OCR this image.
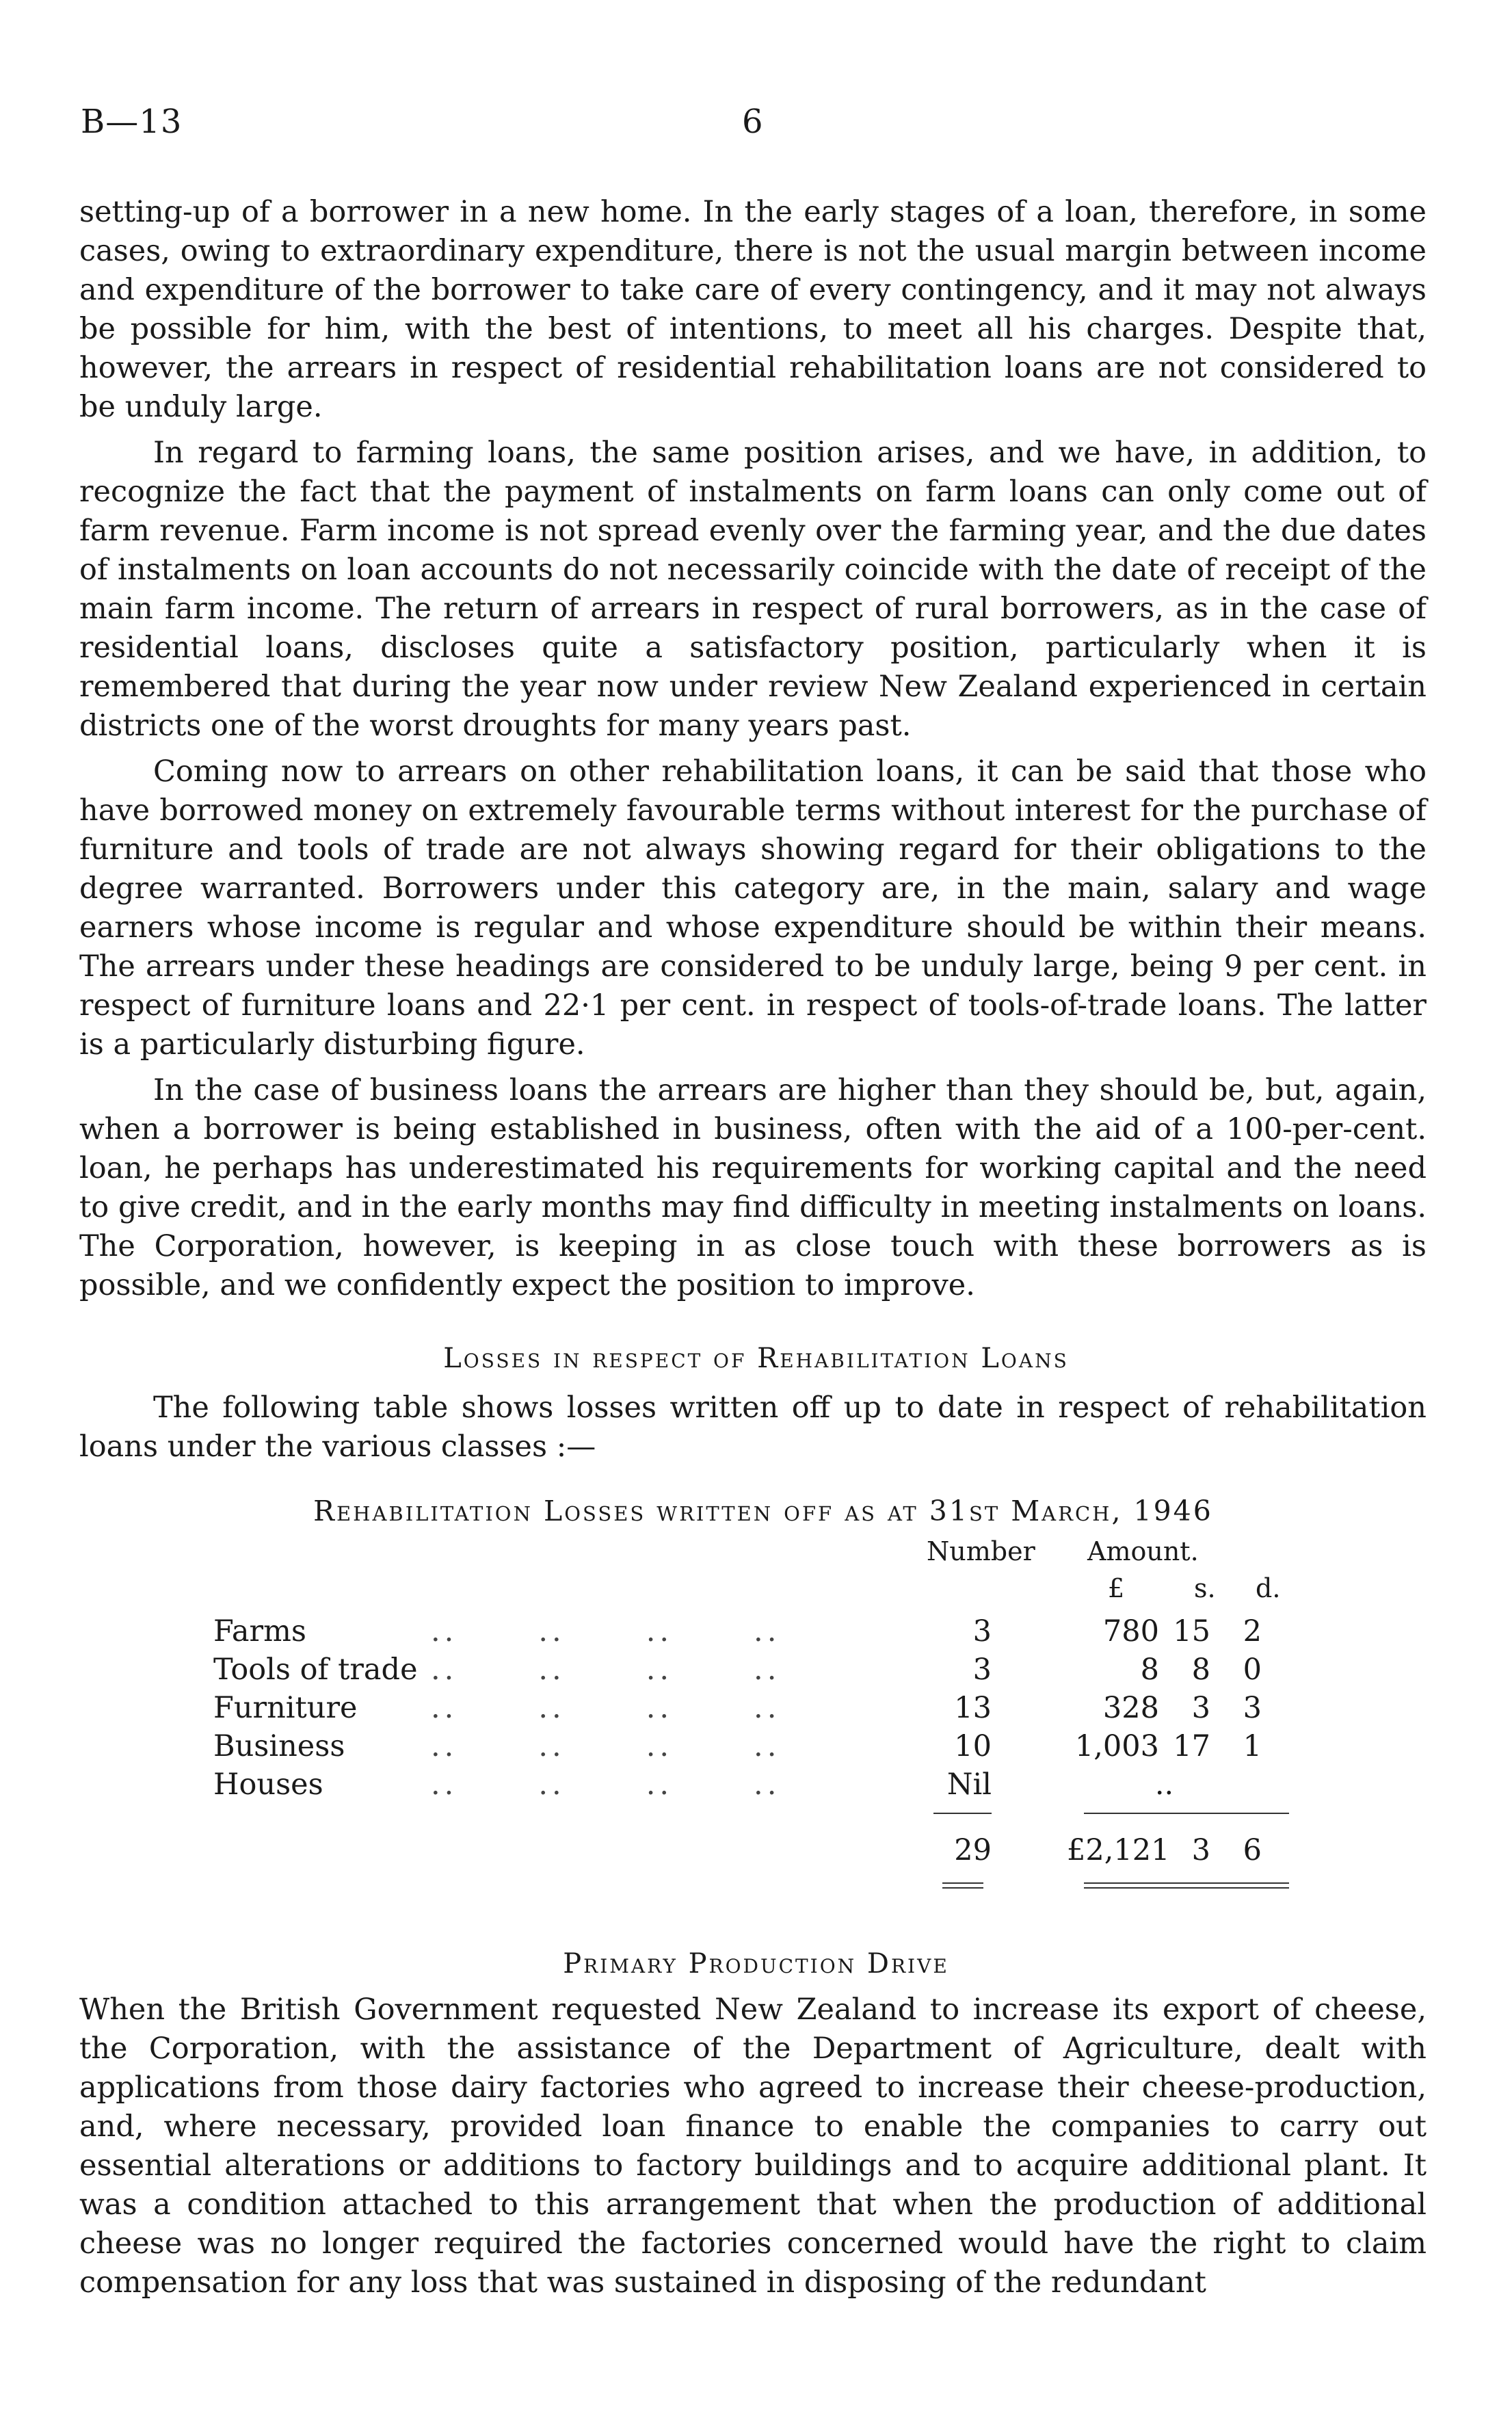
B—13	6

setting-up of a borrower in a new home. In the early stages of a loan, therefore, in some cases, owing to extraordinary expenditure, there is not the usual margin between income and expenditure of the borrower to take care of every contingency, and it may not always be possible for him, with the best of intentions, to meet all his charges. Despite that, however, the arrears in respect of residential rehabilitation loans are not considered to be unduly large.

In regard to farming loans, the same position arises, and we have, in addition, to recognize the fact that the payment of instalments on farm loans can only come out of farm revenue. Farm income is not spread evenly over the farming year, and the due dates of instalments on loan accounts do not necessarily coincide with the date of receipt of the main farm income. The return of arrears in respect of rural borrowers, as in the case of residential loans, discloses quite a satisfactory position, particularly when it is remembered that during the year now under review New Zealand experienced in certain districts one of the worst droughts for many years past.

Coming now to arrears on other rehabilitation loans, it can be said that those who have borrowed money on extremely favourable terms without interest for the purchase of furniture and tools of trade are not always showing regard for their obligations to the degree warranted. Borrowers under this category are, in the main, salary and wage earners whose income is regular and whose expenditure should be within their means. The arrears under these headings are considered to be unduly large, being 9 per cent. in respect of furniture loans and 22·1 per cent. in respect of tools-of-trade loans. The latter is a particularly disturbing figure.

In the case of business loans the arrears are higher than they should be, but, again, when a borrower is being established in business, often with the aid of a 100-per-cent. loan, he perhaps has underestimated his requirements for working capital and the need to give credit, and in the early months may find difficulty in meeting instalments on loans. The Corporation, however, is keeping in as close touch with these borrowers as is possible, and we confidently expect the position to improve.

Losses in respect of Rehabilitation Loans

The following table shows losses written off up to date in respect of rehabilitation loans under the various classes :—

Rehabilitation Losses written off as at 31st March, 1946
Number Amount.
£	s. d.
Farms	..      ..      ..      ..	3	780 15	2
Tools of trade ..      ..      ..      ..	3	8	8	0
Furniture ..      ..      ..      ..	13	328	3	3
Business	..      ..      ..      ..	10	1,003 17	1
Houses	..      ..      ..      ..	Nil	..
29	£2,121 3	6
Primary Production Drive

When the British Government requested New Zealand to increase its export of cheese, the Corporation, with the assistance of the Department of Agriculture, dealt with applications from those dairy factories who agreed to increase their cheese-production, and, where necessary, provided loan finance to enable the companies to carry out essential alterations or additions to factory buildings and to acquire additional plant. It was a condition attached to this arrangement that when the production of additional cheese was no longer required the factories concerned would have the right to claim compensation for any loss that was sustained in disposing of the redundant
